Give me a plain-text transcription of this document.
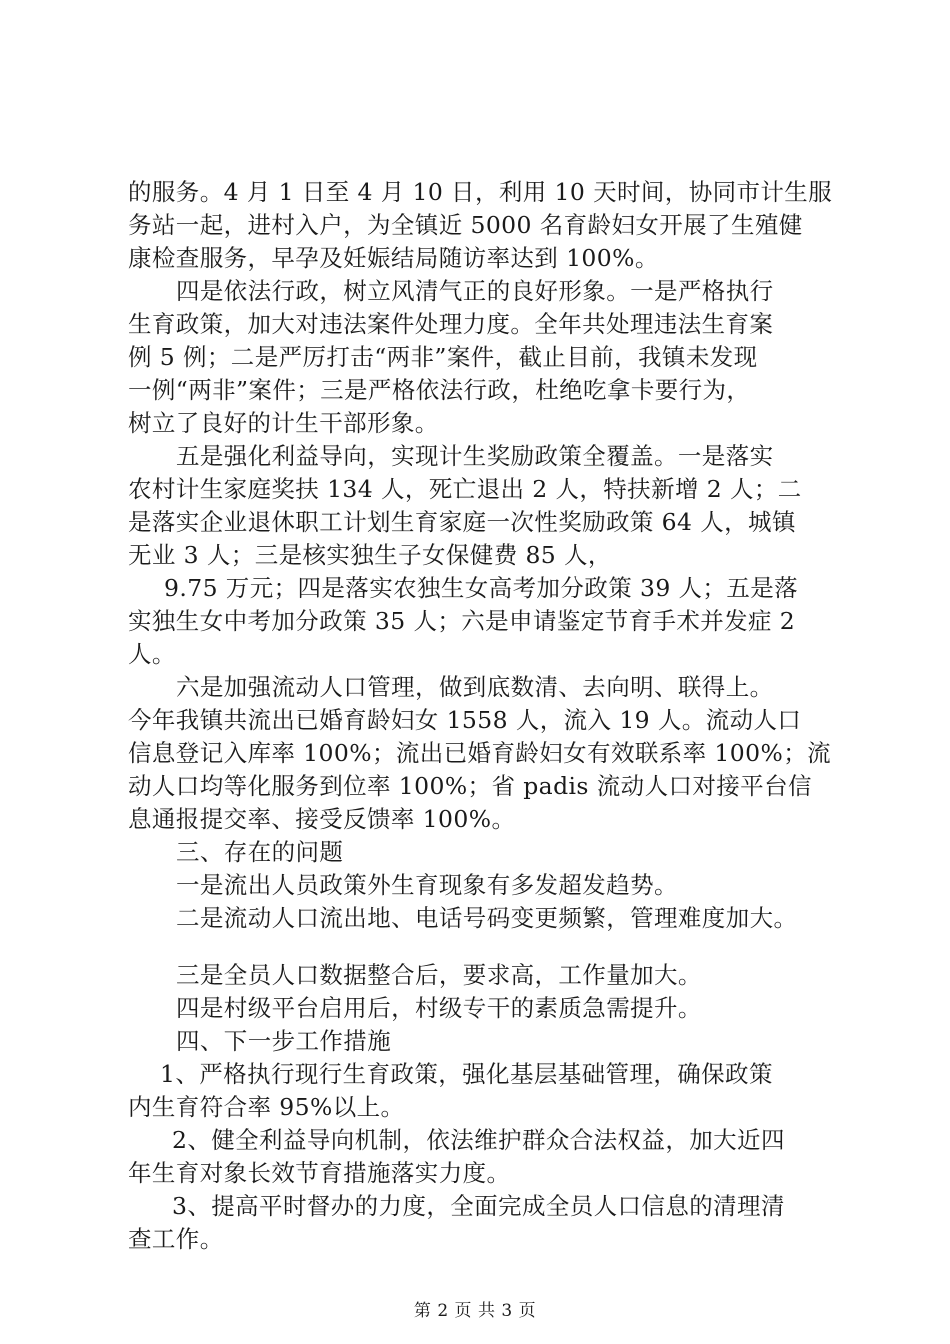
的服务。4 月 1 日至 4 月 10 日，利用 10 天时间，协同市计生服
务站一起，进村入户，为全镇近 5000 名育龄妇女开展了生殖健
康检查服务，早孕及妊娠结局随访率达到 100%。
四是依法行政，树立风清气正的良好形象。一是严格执行
生育政策，加大对违法案件处理力度。全年共处理违法生育案
例 5 例；二是严厉打击“两非”案件，截止目前，我镇未发现
一例“两非”案件；三是严格依法行政，杜绝吃拿卡要行为，
树立了良好的计生干部形象。
五是强化利益导向，实现计生奖励政策全覆盖。一是落实
农村计生家庭奖扶 134 人，死亡退出 2 人，特扶新增 2 人；二
是落实企业退休职工计划生育家庭一次性奖励政策 64 人，城镇
无业 3 人；三是核实独生子女保健费 85 人，
9.75 万元；四是落实农独生女高考加分政策 39 人；五是落
实独生女中考加分政策 35 人；六是申请鉴定节育手术并发症 2
人。
六是加强流动人口管理，做到底数清、去向明、联得上。
今年我镇共流出已婚育龄妇女 1558 人，流入 19 人。流动人口
信息登记入库率 100%；流出已婚育龄妇女有效联系率 100%；流
动人口均等化服务到位率 100%；省 padis 流动人口对接平台信
息通报提交率、接受反馈率 100%。
三、存在的问题
一是流出人员政策外生育现象有多发超发趋势。
二是流动人口流出地、电话号码变更频繁，管理难度加大。
三是全员人口数据整合后，要求高，工作量加大。
四是村级平台启用后，村级专干的素质急需提升。
四、下一步工作措施
1、严格执行现行生育政策，强化基层基础管理，确保政策
内生育符合率 95%以上。
2、健全利益导向机制，依法维护群众合法权益，加大近四
年生育对象长效节育措施落实力度。
3、提高平时督办的力度，全面完成全员人口信息的清理清
查工作。
第 2 页 共 3 页
